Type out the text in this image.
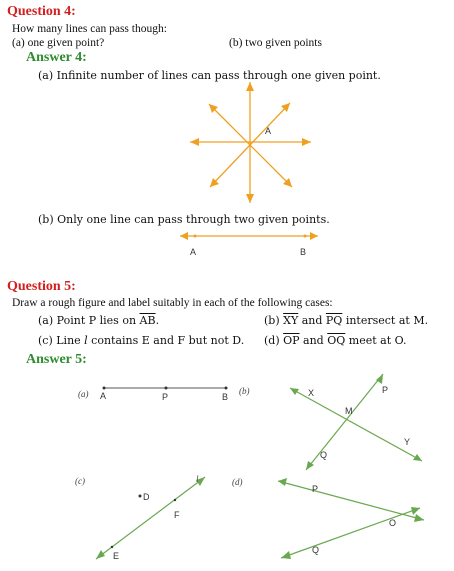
Question 4:
How many lines can pass though:
(a) one given point?	(b) two given points
Answer 4:
(a) Infinite number of lines can pass through one given point.
A
(b) Only one line can pass through two given points.
A	B
Question 5:
Draw a rough figure and label suitably in each of the following cases:
(a) Point P lies on $\overline{AB}$.	(b) $\overline{XY}$ and $\overline{PQ}$ intersect at M.
(c) Line l contains E and F but not D. (d) $\overline{OP}$ and $\overline{OQ}$ meet at O.
Answer 5:
(a) A	P	B
(b)	X	P
M
Y
Q
(c)
D
l
F
E
(d)
P
O
Q
